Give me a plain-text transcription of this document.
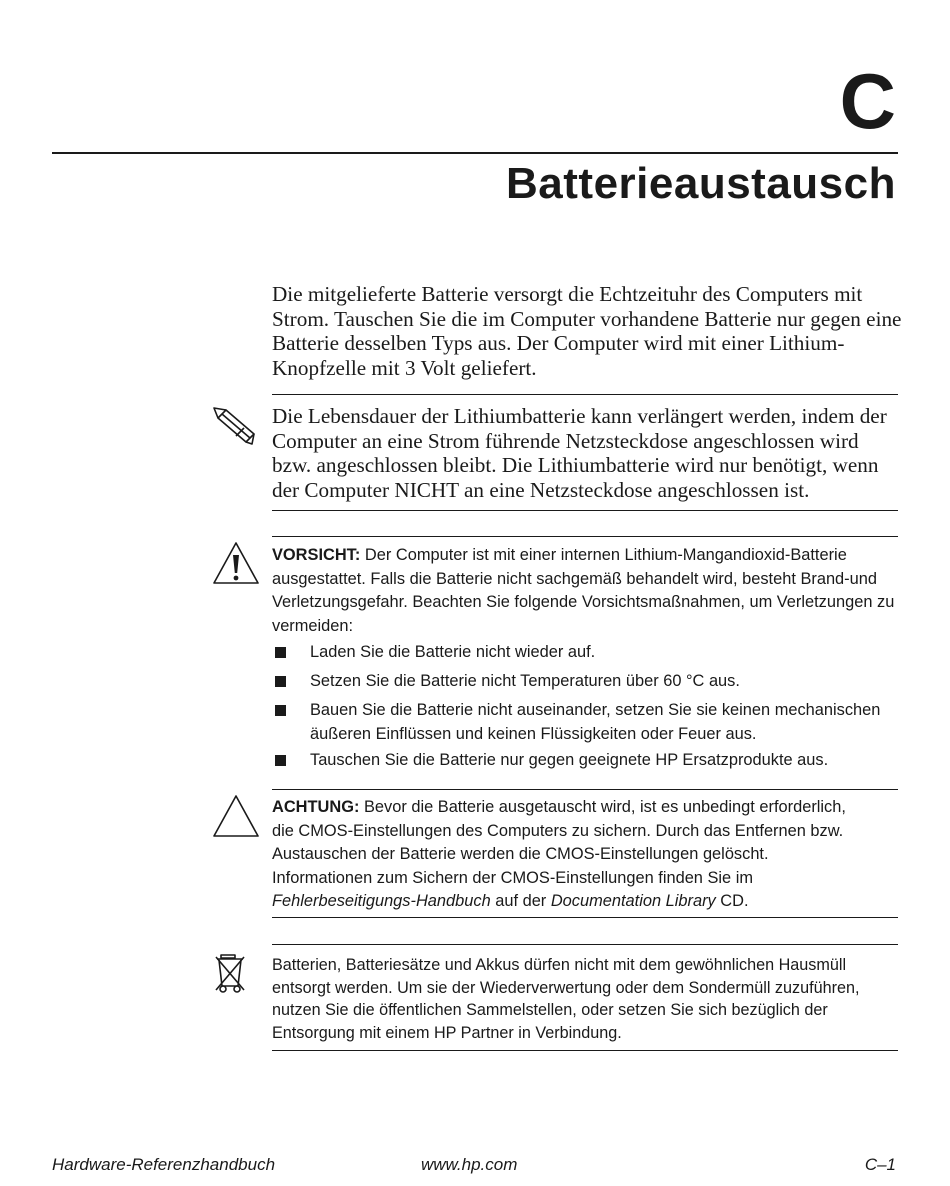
C
Batterieaustausch
Die mitgelieferte Batterie versorgt die Echtzeituhr des Computers mit Strom. Tauschen Sie die im Computer vorhandene Batterie nur gegen eine Batterie desselben Typs aus. Der Computer wird mit einer Lithium-Knopfzelle mit 3 Volt geliefert.
Die Lebensdauer der Lithiumbatterie kann verlängert werden, indem der Computer an eine Strom führende Netzsteckdose angeschlossen wird bzw. angeschlossen bleibt. Die Lithiumbatterie wird nur benötigt, wenn der Computer NICHT an eine Netzsteckdose angeschlossen ist.
VORSICHT: Der Computer ist mit einer internen Lithium-Mangandioxid-Batterie ausgestattet. Falls die Batterie nicht sachgemäß behandelt wird, besteht Brand-und Verletzungsgefahr. Beachten Sie folgende Vorsichtsmaßnahmen, um Verletzungen zu vermeiden:
Laden Sie die Batterie nicht wieder auf.
Setzen Sie die Batterie nicht Temperaturen über 60 °C aus.
Bauen Sie die Batterie nicht auseinander, setzen Sie sie keinen mechanischen äußeren Einflüssen und keinen Flüssigkeiten oder Feuer aus.
Tauschen Sie die Batterie nur gegen geeignete HP Ersatzprodukte aus.
ACHTUNG: Bevor die Batterie ausgetauscht wird, ist es unbedingt erforderlich, die CMOS-Einstellungen des Computers zu sichern. Durch das Entfernen bzw. Austauschen der Batterie werden die CMOS-Einstellungen gelöscht. Informationen zum Sichern der CMOS-Einstellungen finden Sie im Fehlerbeseitigungs-Handbuch auf der Documentation Library CD.
Batterien, Batteriesätze und Akkus dürfen nicht mit dem gewöhnlichen Hausmüll entsorgt werden. Um sie der Wiederverwertung oder dem Sondermüll zuzuführen, nutzen Sie die öffentlichen Sammelstellen, oder setzen Sie sich bezüglich der Entsorgung mit einem HP Partner in Verbindung.
Hardware-Referenzhandbuch	www.hp.com	C–1
